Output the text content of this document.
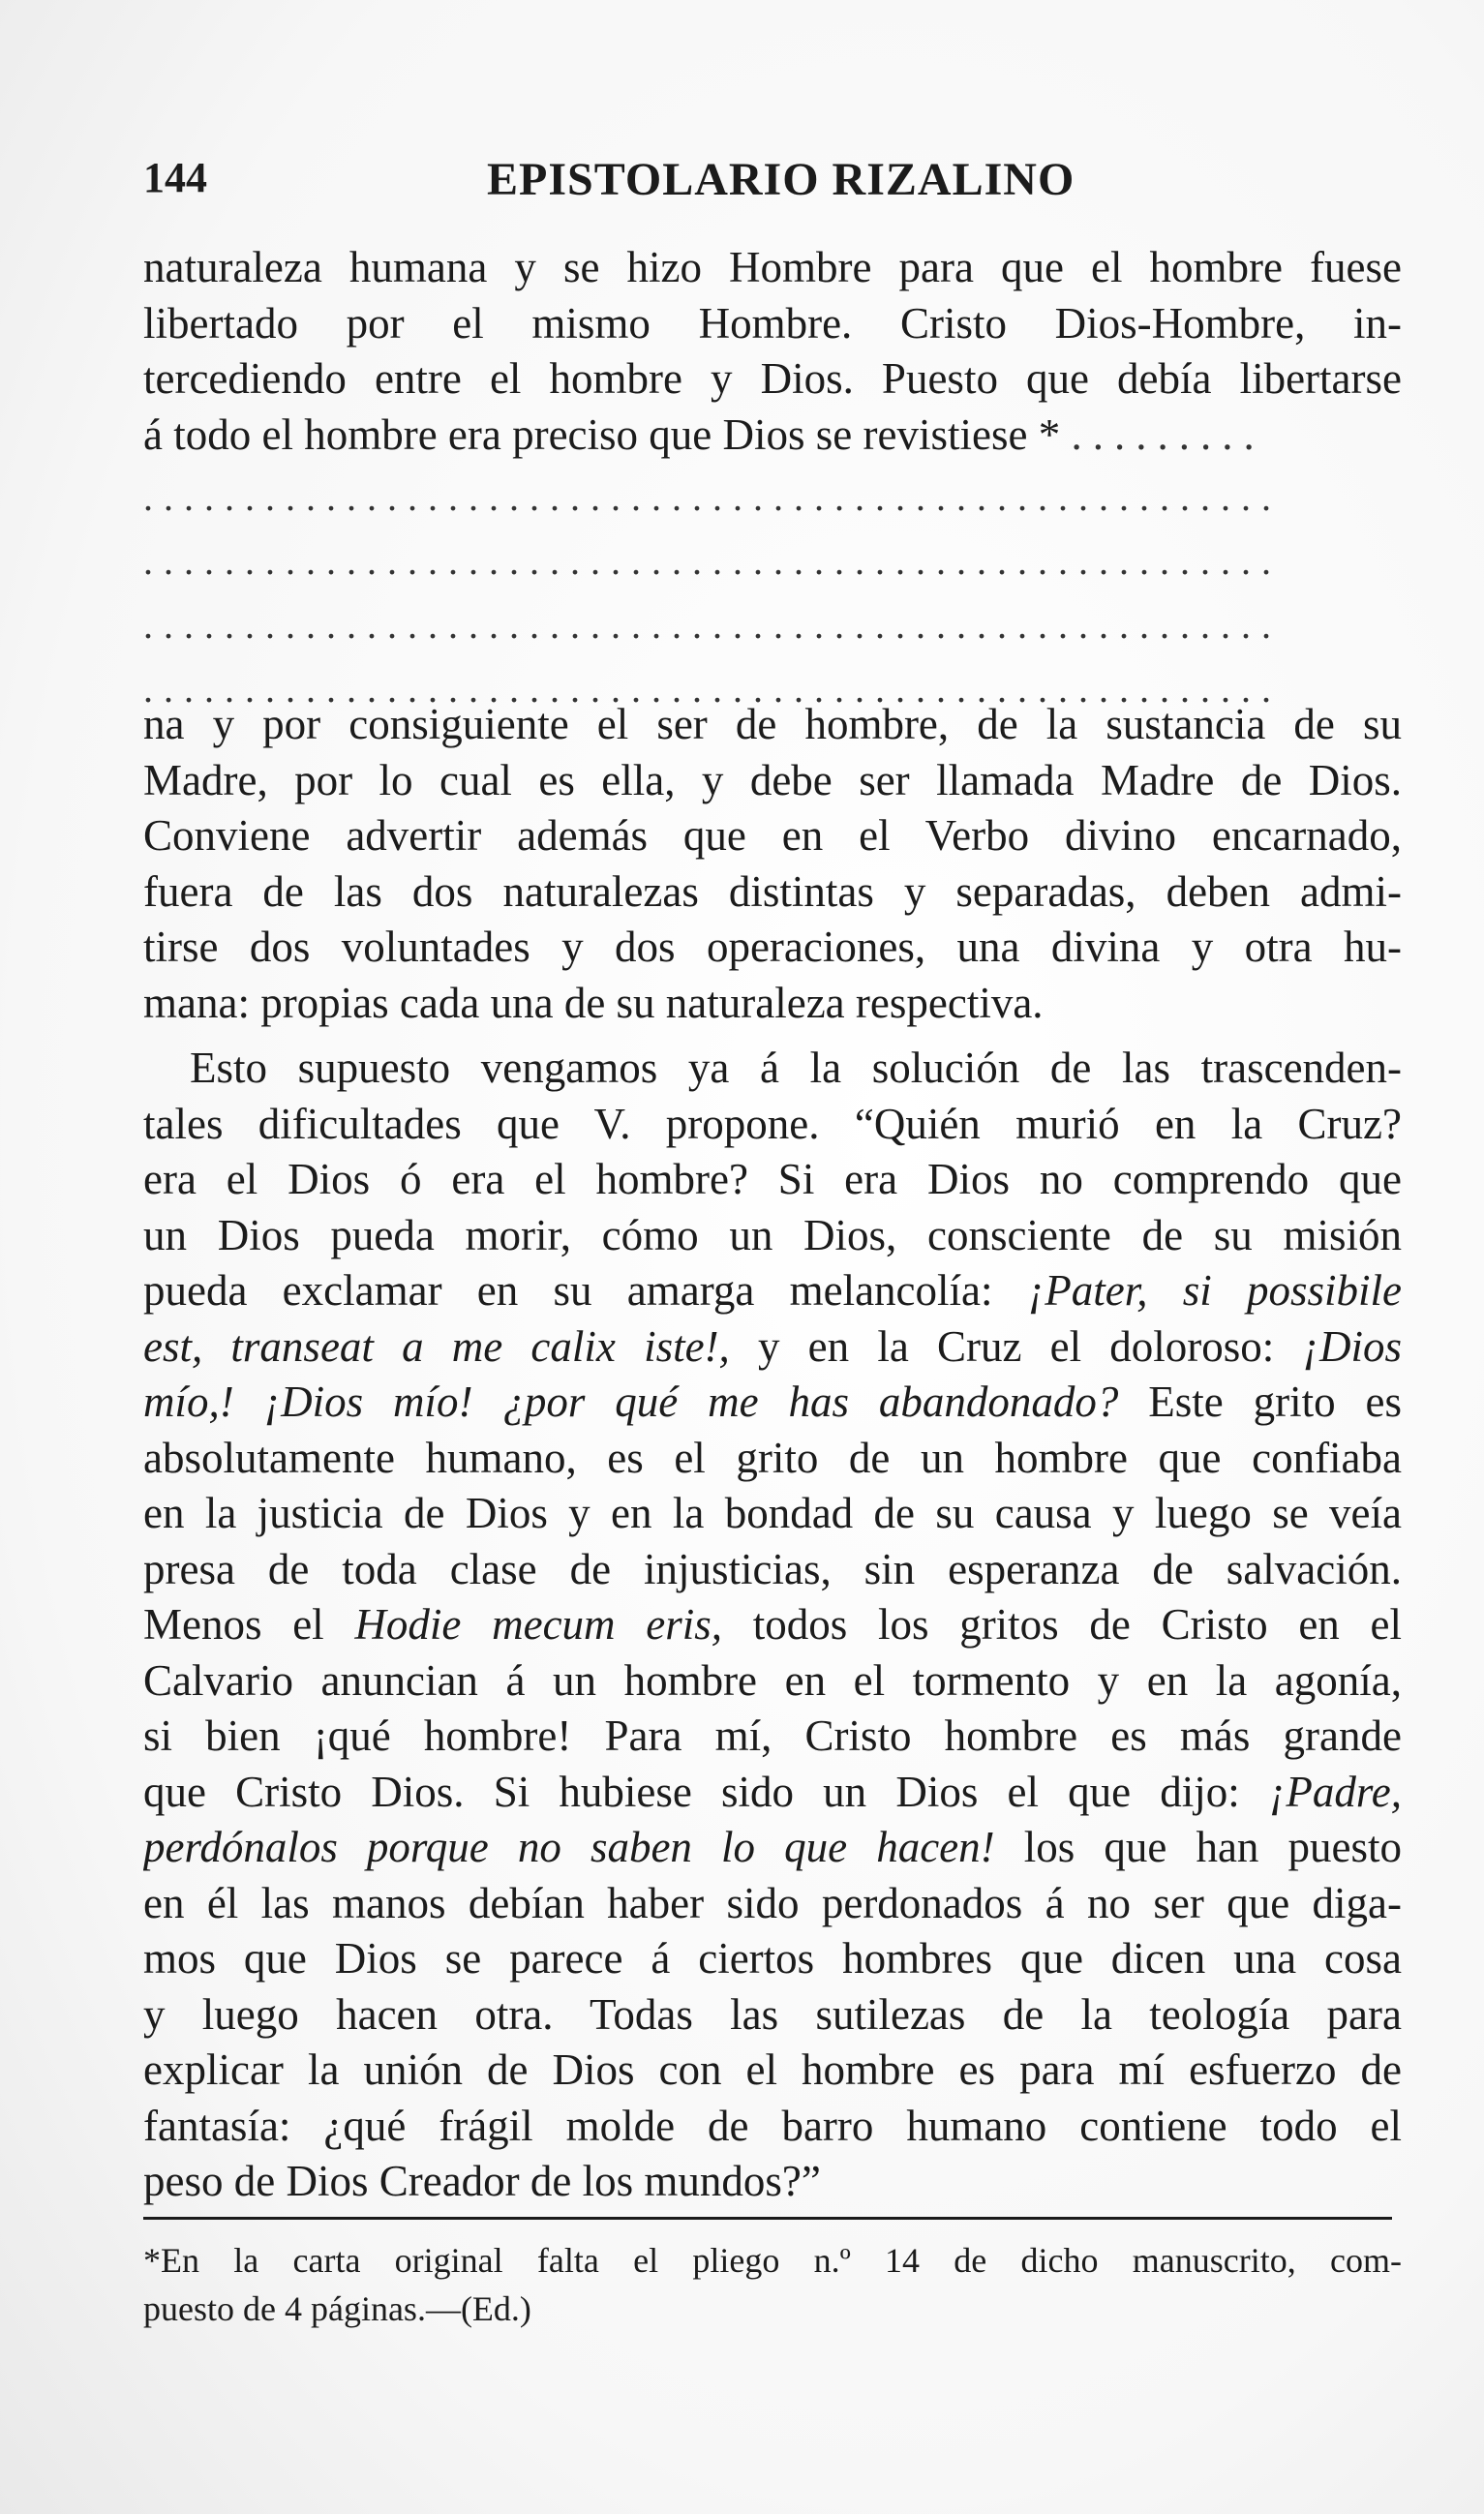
144	EPISTOLARIO RIZALINO
naturaleza humana y se hizo Hombre para que el hombre fuese
libertado por el mismo Hombre. Cristo Dios-Hombre, in-
tercediendo entre el hombre y Dios. Puesto que debía libertarse
á todo el hombre era preciso que Dios se revistiese * .........
........................................................
........................................................
........................................................
........................................................
na y por consiguiente el ser de hombre, de la sustancia de su
Madre, por lo cual es ella, y debe ser llamada Madre de Dios.
Conviene advertir además que en el Verbo divino encarnado,
fuera de las dos naturalezas distintas y separadas, deben admi-
tirse dos voluntades y dos operaciones, una divina y otra hu-
mana: propias cada una de su naturaleza respectiva.
Esto supuesto vengamos ya á la solución de las trascenden-
tales dificultades que V. propone. “Quién murió en la Cruz?
era el Dios ó era el hombre? Si era Dios no comprendo que
un Dios pueda morir, cómo un Dios, consciente de su misión
pueda exclamar en su amarga melancolía: ¡Pater, si possibile
est, transeat a me calix iste!, y en la Cruz el doloroso: ¡Dios
mío,! ¡Dios mío! ¿por qué me has abandonado? Este grito es
absolutamente humano, es el grito de un hombre que confiaba
en la justicia de Dios y en la bondad de su causa y luego se veía
presa de toda clase de injusticias, sin esperanza de salvación.
Menos el Hodie mecum eris, todos los gritos de Cristo en el
Calvario anuncian á un hombre en el tormento y en la agonía,
si bien ¡qué hombre! Para mí, Cristo hombre es más grande
que Cristo Dios. Si hubiese sido un Dios el que dijo: ¡Padre,
perdónalos porque no saben lo que hacen! los que han puesto
en él las manos debían haber sido perdonados á no ser que diga-
mos que Dios se parece á ciertos hombres que dicen una cosa
y luego hacen otra. Todas las sutilezas de la teología para
explicar la unión de Dios con el hombre es para mí esfuerzo de
fantasía: ¿qué frágil molde de barro humano contiene todo el
peso de Dios Creador de los mundos?”
*En la carta original falta el pliego n.º 14 de dicho manuscrito, com-
puesto de 4 páginas.—(Ed.)
